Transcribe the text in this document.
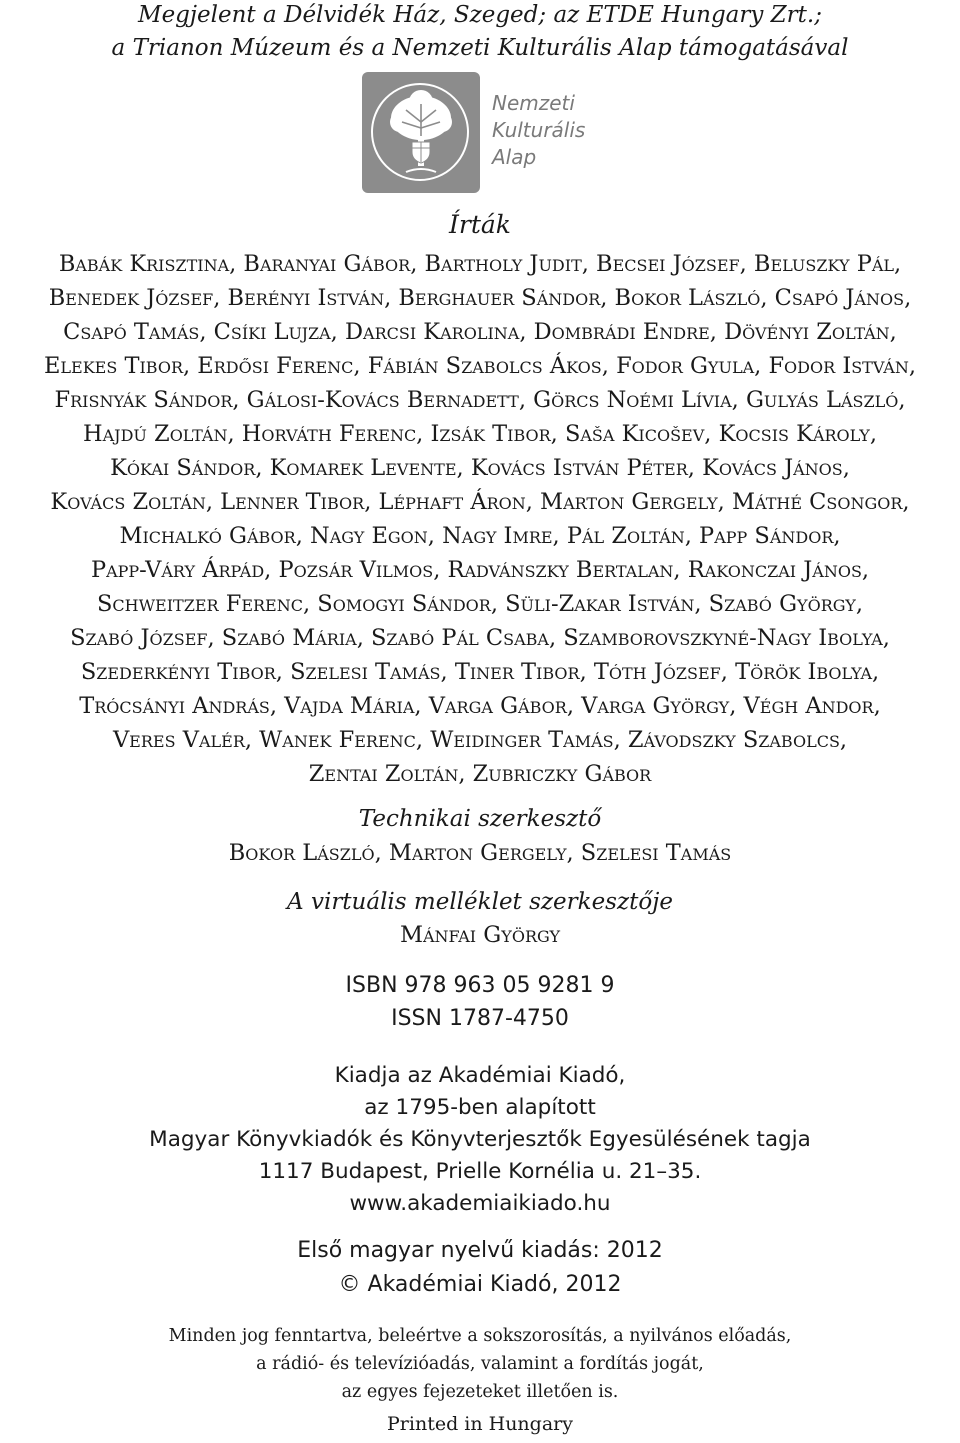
Megjelent a Délvidék Ház, Szeged; az ETDE Hungary Zrt.;
a Trianon Múzeum és a Nemzeti Kulturális Alap támogatásával
Nemzeti
Kulturális
Alap
Írták
Babák Krisztina, Baranyai Gábor, Bartholy Judit, Becsei József, Beluszky Pál,
Benedek József, Berényi István, Berghauer Sándor, Bokor László, Csapó János,
Csapó Tamás, Csíki Lujza, Darcsi Karolina, Dombrádi Endre, Dövényi Zoltán,
Elekes Tibor, Erdősi Ferenc, Fábián Szabolcs Ákos, Fodor Gyula, Fodor István,
Frisnyák Sándor, Gálosi-Kovács Bernadett, Görcs Noémi Lívia, Gulyás László,
Hajdú Zoltán, Horváth Ferenc, Izsák Tibor, Saša Kicošev, Kocsis Károly,
Kókai Sándor, Komarek Levente, Kovács István Péter, Kovács János,
Kovács Zoltán, Lenner Tibor, Léphaft Áron, Marton Gergely, Máthé Csongor,
Michalkó Gábor, Nagy Egon, Nagy Imre, Pál Zoltán, Papp Sándor,
Papp-Váry Árpád, Pozsár Vilmos, Radvánszky Bertalan, Rakonczai János,
Schweitzer Ferenc, Somogyi Sándor, Süli-Zakar István, Szabó György,
Szabó József, Szabó Mária, Szabó Pál Csaba, Szamborovszkyné-Nagy Ibolya,
Szederkényi Tibor, Szelesi Tamás, Tiner Tibor, Tóth József, Török Ibolya,
Trócsányi András, Vajda Mária, Varga Gábor, Varga György, Végh Andor,
Veres Valér, Wanek Ferenc, Weidinger Tamás, Závodszky Szabolcs,
Zentai Zoltán, Zubriczky Gábor
Technikai szerkesztő
Bokor László, Marton Gergely, Szelesi Tamás
A virtuális melléklet szerkesztője
Mánfai György
ISBN 978 963 05 9281 9
ISSN 1787-4750
Kiadja az Akadémiai Kiadó,
az 1795-ben alapított
Magyar Könyvkiadók és Könyvterjesztők Egyesülésének tagja
1117 Budapest, Prielle Kornélia u. 21–35.
www.akademiaikiado.hu
Első magyar nyelvű kiadás: 2012
© Akadémiai Kiadó, 2012
Minden jog fenntartva, beleértve a sokszorosítás, a nyilvános előadás,
a rádió- és televízióadás, valamint a fordítás jogát,
az egyes fejezeteket illetően is.
Printed in Hungary
